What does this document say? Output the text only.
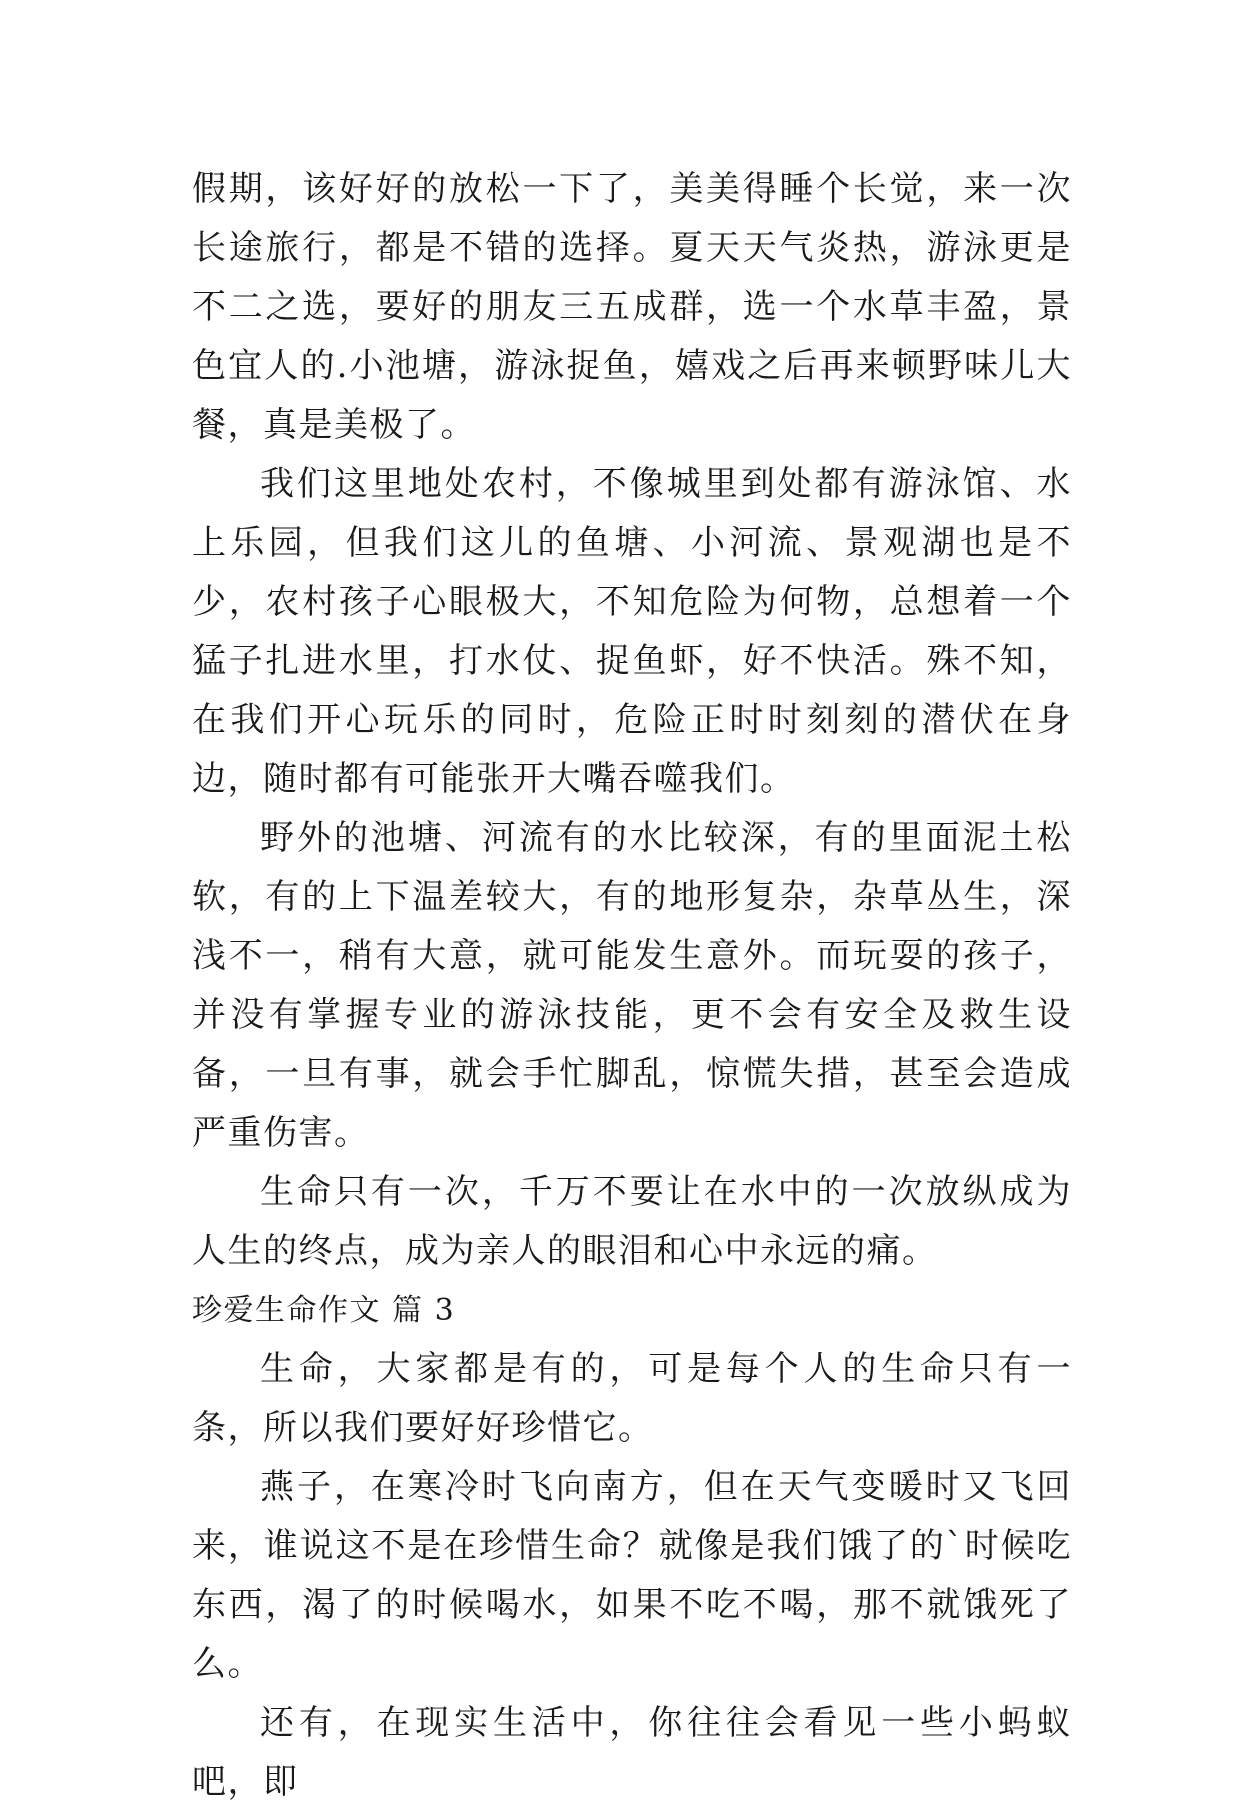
假期，该好好的放松一下了，美美得睡个长觉，来一次长途旅行，都是不错的选择。夏天天气炎热，游泳更是不二之选，要好的朋友三五成群，选一个水草丰盈，景色宜人的.小池塘，游泳捉鱼，嬉戏之后再来顿野味儿大餐，真是美极了。

我们这里地处农村，不像城里到处都有游泳馆、水上乐园，但我们这儿的鱼塘、小河流、景观湖也是不少，农村孩子心眼极大，不知危险为何物，总想着一个猛子扎进水里，打水仗、捉鱼虾，好不快活。殊不知，在我们开心玩乐的同时，危险正时时刻刻的潜伏在身边，随时都有可能张开大嘴吞噬我们。

野外的池塘、河流有的水比较深，有的里面泥土松软，有的上下温差较大，有的地形复杂，杂草丛生，深浅不一，稍有大意，就可能发生意外。而玩耍的孩子，并没有掌握专业的游泳技能，更不会有安全及救生设备，一旦有事，就会手忙脚乱，惊慌失措，甚至会造成严重伤害。

生命只有一次，千万不要让在水中的一次放纵成为人生的终点，成为亲人的眼泪和心中永远的痛。

珍爱生命作文 篇 3

生命，大家都是有的，可是每个人的生命只有一条，所以我们要好好珍惜它。

燕子，在寒冷时飞向南方，但在天气变暖时又飞回来，谁说这不是在珍惜生命？就像是我们饿了的`时候吃东西，渴了的时候喝水，如果不吃不喝，那不就饿死了么。

还有，在现实生活中，你往往会看见一些小蚂蚁吧，即
